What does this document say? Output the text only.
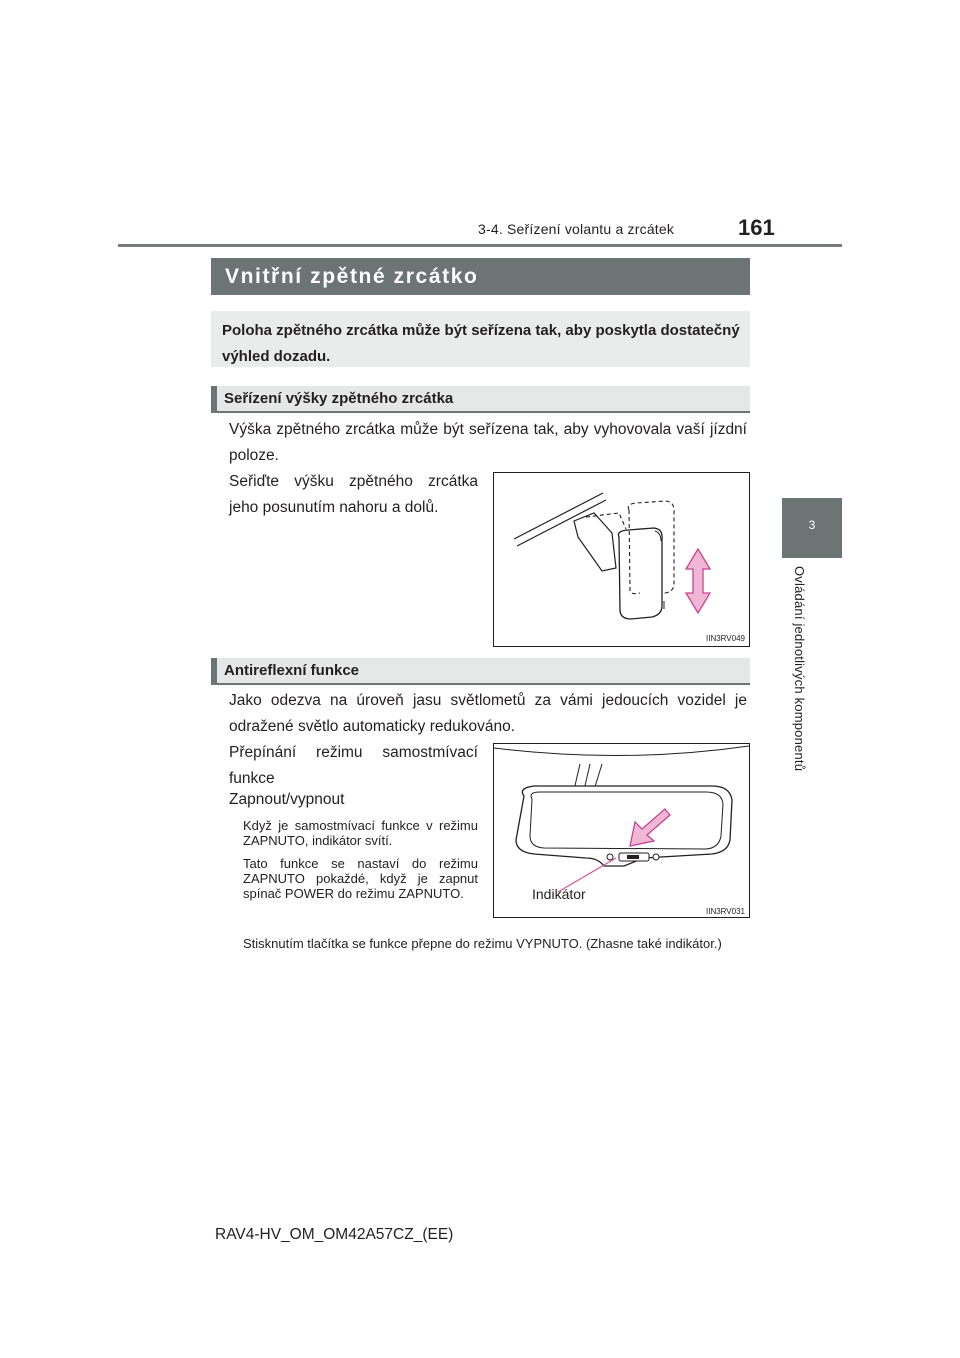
3-4. Seřízení volantu a zrcátek	161
3
Ovládání jednotlivých komponentů
Vnitřní zpětné zrcátko
Poloha zpětného zrcátka může být seřízena tak, aby poskytla dostatečný výhled dozadu.
Seřízení výšky zpětného zrcátka
Výška zpětného zrcátka může být seřízena tak, aby vyhovovala vaší jízdní poloze.
Seřiďte výšku zpětného zrcátka jeho posunutím nahoru a dolů.
IIN3RV049
Antireflexní funkce
Jako odezva na úroveň jasu světlometů za vámi jedoucích vozidel je odražené světlo automaticky redukováno.
Přepínání režimu samostmívací funkce
Zapnout/vypnout
Když je samostmívací funkce v režimu ZAPNUTO, indikátor svítí.
Tato funkce se nastaví do režimu ZAPNUTO pokaždé, když je zapnut spínač POWER do režimu ZAPNUTO.
Stisknutím tlačítka se funkce přepne do režimu VYPNUTO. (Zhasne také indikátor.)
Indikátor
IIN3RV031
RAV4-HV_OM_OM42A57CZ_(EE)
